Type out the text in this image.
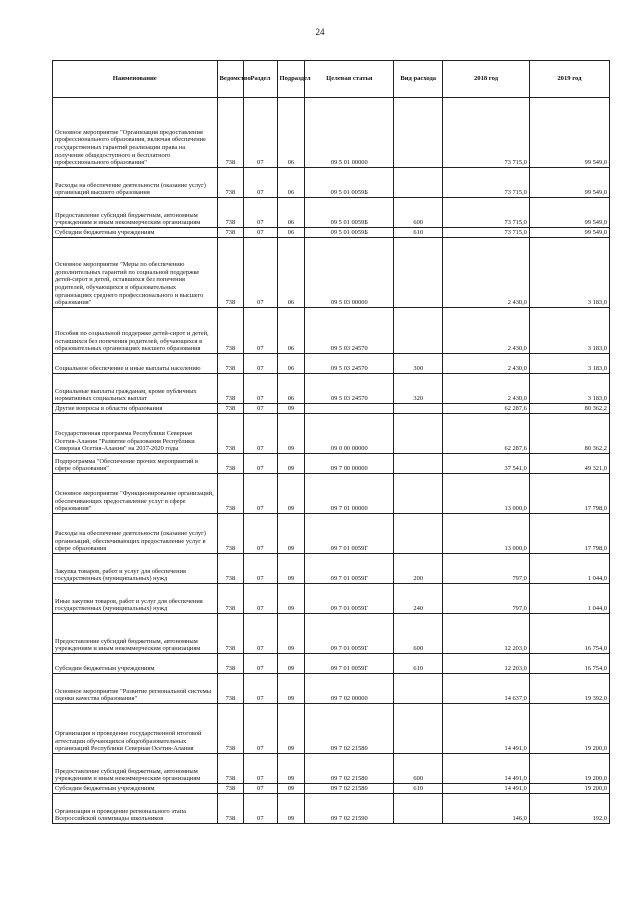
24
Наименование	Ведомство	Раздел	Подраздел	Целевая статья	Вид расхода	2018 год	2019 год
Основное мероприятие "Организация предоставления профессионального образования, включая обеспечение государственных гарантий реализации права на получение общедоступного и бесплатного профессионального образования"	738	07	06	09 5 01 00000		73 715,0	99 549,0
Расходы на обеспечение деятельности (оказание услуг) организаций высшего образования	738	07	06	09 5 01 0059Б		73 715,0	99 549,0
Предоставление субсидий бюджетным, автономным учреждениям и иным некоммерческим организациям	738	07	06	09 5 01 0059Б	600	73 715,0	99 549,0
Субсидии бюджетным учреждениям	738	07	06	09 5 01 0059Б	610	73 715,0	99 549,0
Основное мероприятие "Меры по обеспечению дополнительных гарантий по социальной поддержке детей-сирот и детей, оставшихся без попечения родителей, обучающихся в образовательных организациях среднего профессионального и высшего образования"	738	07	06	09 5 03 00000		2 430,0	3 183,0
Пособия по социальной поддержке детей-сирот и детей, оставшихся без попечения родителей, обучающихся в образовательных организациях высшего образования	738	07	06	09 5 03 24570		2 430,0	3 183,0
Социальное обеспечение и иные выплаты населению	738	07	06	09 5 03 24570	300	2 430,0	3 183,0
Социальные выплаты гражданам, кроме публичных нормативных социальных выплат	738	07	06	09 5 03 24570	320	2 430,0	3 183,0
Другие вопросы в области образования	738	07	09			62 287,6	80 362,2
Государственная программа Республики Северная Осетия-Алания "Развитие образования Республики Северная Осетия-Алания" на 2017-2020 годы	738	07	09	09 0 00 00000		62 287,6	80 362,2
Подпрограмма "Обеспечение прочих мероприятий в сфере образования"	738	07	09	09 7 00 00000		37 541,0	49 321,0
Основное мероприятие "Функционирование организаций, обеспечивающих предоставление услуг в сфере образования"	738	07	09	09 7 01 00000		13 000,0	17 798,0
Расходы на обеспечение деятельности (оказание услуг) организаций, обеспечивающих предоставление услуг в сфере образования	738	07	09	09 7 01 0059Г		13 000,0	17 798,0
Закупка товаров, работ и услуг для обеспечения государственных (муниципальных) нужд	738	07	09	09 7 01 0059Г	200	797,0	1 044,0
Иные закупки товаров, работ и услуг для обеспечения государственных (муниципальных) нужд	738	07	09	09 7 01 0059Г	240	797,0	1 044,0
Предоставление субсидий бюджетным, автономным учреждениям и иным некоммерческим организациям	738	07	09	09 7 01 0059Г	600	12 203,0	16 754,0
Субсидии бюджетным учреждениям	738	07	09	09 7 01 0059Г	610	12 203,0	16 754,0
Основное мероприятие "Развитие региональной системы оценки качества образования"	738	07	09	09 7 02 00000		14 637,0	19 392,0
Организация и проведение государственной итоговой аттестации обучающихся общеобразовательных организаций Республики Северная Осетия-Алания	738	07	09	09 7 02 21580		14 491,0	19 200,0
Предоставление субсидий бюджетным, автономным учреждениям и иным некоммерческим организациям	738	07	09	09 7 02 21580	600	14 491,0	19 200,0
Субсидии бюджетным учреждениям	738	07	09	09 7 02 21580	610	14 491,0	19 200,0
Организация и проведение регионального этапа Всероссийской олимпиады школьников	738	07	09	09 7 02 21590		146,0	192,0
